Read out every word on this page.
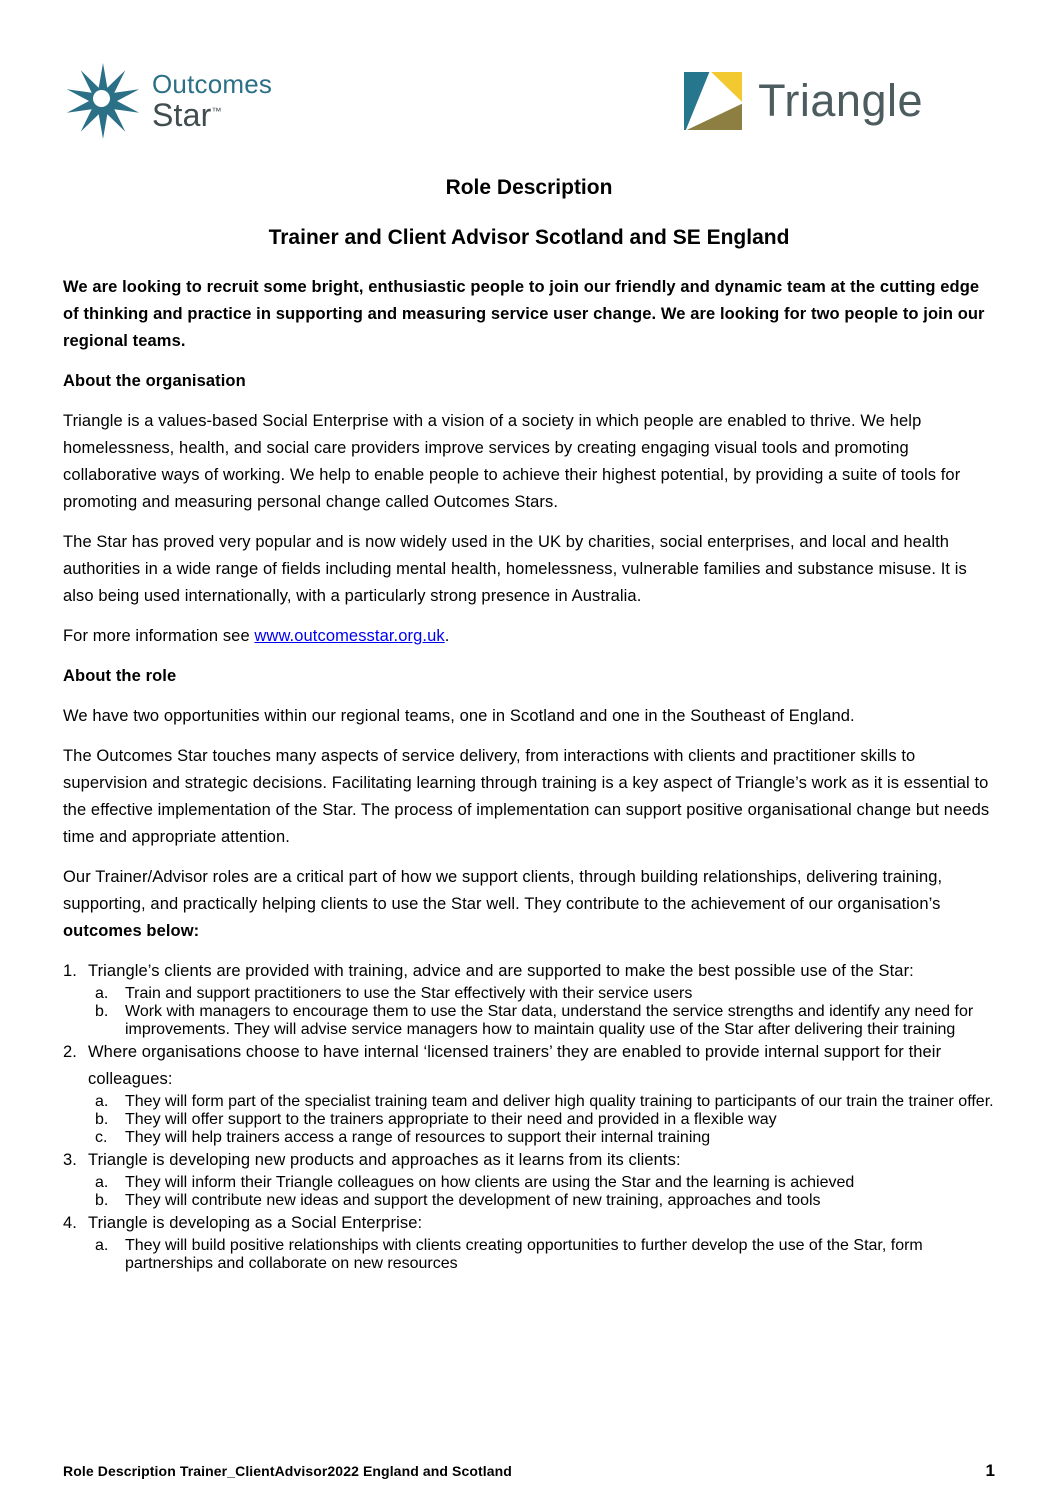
Outcomes
Star™	Triangle
Role Description
Trainer and Client Advisor Scotland and SE England

We are looking to recruit some bright, enthusiastic people to join our friendly and dynamic team at the cutting edge of thinking and practice in supporting and measuring service user change. We are looking for two people to join our regional teams.

About the organisation

Triangle is a values-based Social Enterprise with a vision of a society in which people are enabled to thrive. We help homelessness, health, and social care providers improve services by creating engaging visual tools and promoting collaborative ways of working. We help to enable people to achieve their highest potential, by providing a suite of tools for promoting and measuring personal change called Outcomes Stars.

The Star has proved very popular and is now widely used in the UK by charities, social enterprises, and local and health authorities in a wide range of fields including mental health, homelessness, vulnerable families and substance misuse. It is also being used internationally, with a particularly strong presence in Australia.

For more information see www.outcomesstar.org.uk.

About the role

We have two opportunities within our regional teams, one in Scotland and one in the Southeast of England.

The Outcomes Star touches many aspects of service delivery, from interactions with clients and practitioner skills to supervision and strategic decisions. Facilitating learning through training is a key aspect of Triangle’s work as it is essential to the effective implementation of the Star. The process of implementation can support positive organisational change but needs time and appropriate attention.

Our Trainer/Advisor roles are a critical part of how we support clients, through building relationships, delivering training, supporting, and practically helping clients to use the Star well. They contribute to the achievement of our organisation’s outcomes below:

1. Triangle’s clients are provided with training, advice and are supported to make the best possible use of the Star:
a.	Train and support practitioners to use the Star effectively with their service users
b.	Work with managers to encourage them to use the Star data, understand the service strengths and identify any need for improvements. They will advise service managers how to maintain quality use of the Star after delivering their training
2. Where organisations choose to have internal ‘licensed trainers’ they are enabled to provide internal support for their colleagues:
a.	They will form part of the specialist training team and deliver high quality training to participants of our train the trainer offer.
b.	They will offer support to the trainers appropriate to their need and provided in a flexible way
c.	They will help trainers access a range of resources to support their internal training
3. Triangle is developing new products and approaches as it learns from its clients:
a.	They will inform their Triangle colleagues on how clients are using the Star and the learning is achieved
b.	They will contribute new ideas and support the development of new training, approaches and tools
4. Triangle is developing as a Social Enterprise:
a.	They will build positive relationships with clients creating opportunities to further develop the use of the Star, form partnerships and collaborate on new resources
Role Description Trainer_ClientAdvisor2022 England and Scotland	1
